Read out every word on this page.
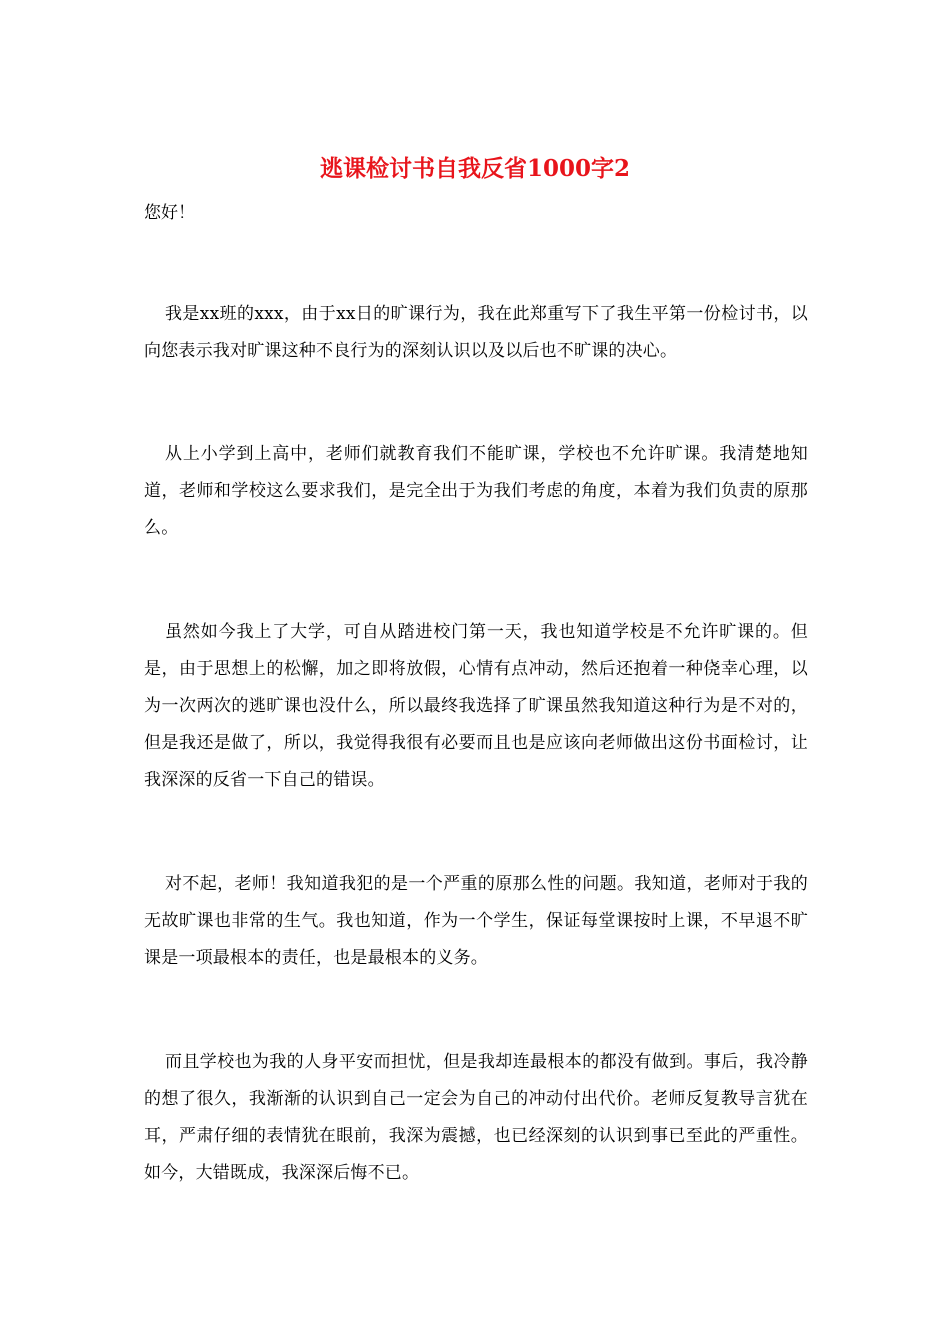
逃课检讨书自我反省1000字2

您好！

我是xx班的xxx，由于xx日的旷课行为，我在此郑重写下了我生平第一份检讨书，以向您表示我对旷课这种不良行为的深刻认识以及以后也不旷课的决心。

从上小学到上高中，老师们就教育我们不能旷课，学校也不允许旷课。我清楚地知道，老师和学校这么要求我们，是完全出于为我们考虑的角度，本着为我们负责的原那么。

虽然如今我上了大学，可自从踏进校门第一天，我也知道学校是不允许旷课的。但是，由于思想上的松懈，加之即将放假，心情有点冲动，然后还抱着一种侥幸心理，以为一次两次的逃旷课也没什么，所以最终我选择了旷课虽然我知道这种行为是不对的，但是我还是做了，所以，我觉得我很有必要而且也是应该向老师做出这份书面检讨，让我深深的反省一下自己的错误。

对不起，老师！我知道我犯的是一个严重的原那么性的问题。我知道，老师对于我的无故旷课也非常的生气。我也知道，作为一个学生，保证每堂课按时上课，不早退不旷课是一项最根本的责任，也是最根本的义务。

而且学校也为我的人身平安而担忧，但是我却连最根本的都没有做到。事后，我冷静的想了很久，我渐渐的认识到自己一定会为自己的冲动付出代价。老师反复教导言犹在耳，严肃仔细的表情犹在眼前，我深为震撼，也已经深刻的认识到事已至此的严重性。如今，大错既成，我深深后悔不已。
